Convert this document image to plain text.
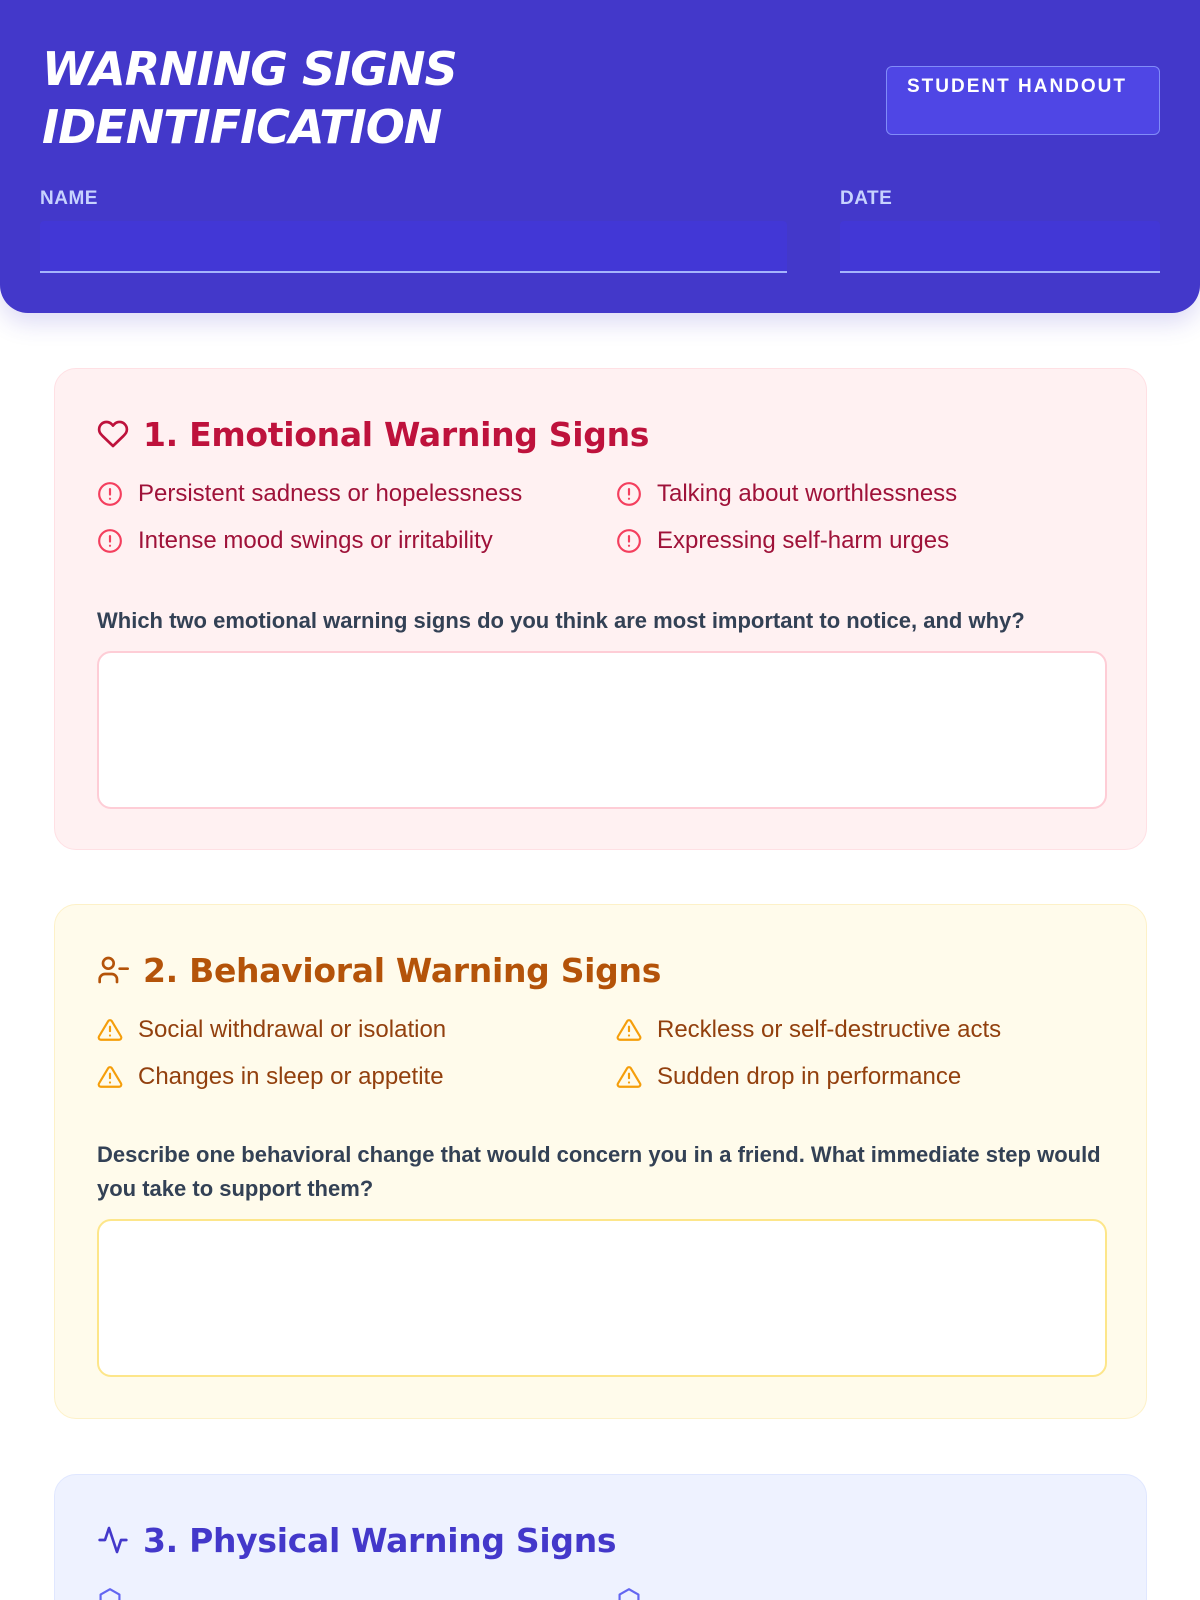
WARNING SIGNS IDENTIFICATION
STUDENT HANDOUT
NAME	DATE
1. Emotional Warning Signs
Persistent sadness or hopelessness	Talking about worthlessness
Intense mood swings or irritability	Expressing self-harm urges

Which two emotional warning signs do you think are most important to notice, and why?

2. Behavioral Warning Signs
Social withdrawal or isolation	Reckless or self-destructive acts
Changes in sleep or appetite	Sudden drop in performance

Describe one behavioral change that would concern you in a friend. What immediate step would you take to support them?

3. Physical Warning Signs
